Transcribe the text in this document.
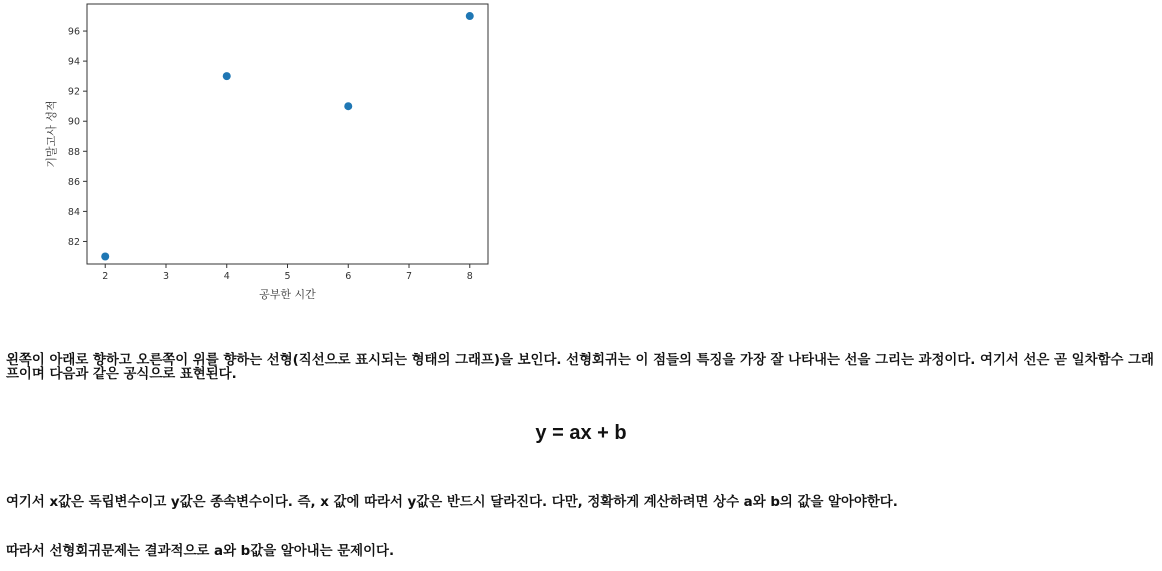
2	3	4	5	6	7	8
82
84
86
88
90
92
94
96
공부한 시간
기말고사 성적

왼쪽이 아래로 향하고 오른쪽이 위를 향하는 선형(직선으로 표시되는 형태의 그래프)을 보인다. 선형회귀는 이 점들의 특징을 가장 잘 나타내는 선을 그리는 과정이다. 여기서 선은 곧 일차함수 그래프이며 다음과 같은 공식으로 표현된다.

y = ax + b

여기서 x값은 독립변수이고 y값은 종속변수이다. 즉, x 값에 따라서 y값은 반드시 달라진다. 다만, 정확하게 계산하려면 상수 a와 b의 값을 알아야한다.

따라서 선형회귀문제는 결과적으로 a와 b값을 알아내는 문제이다.
